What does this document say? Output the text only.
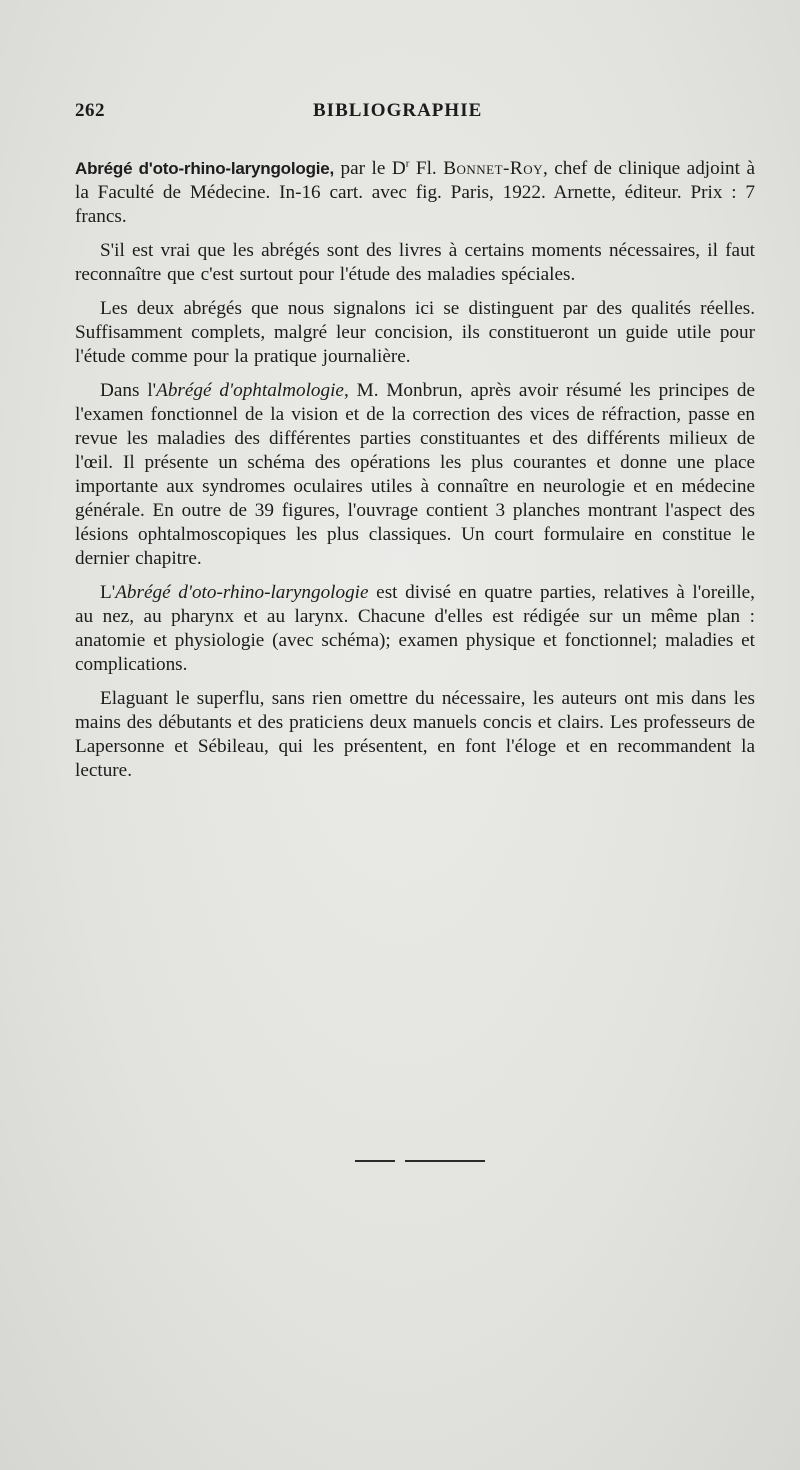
262	BIBLIOGRAPHIE

Abrégé d'oto-rhino-laryngologie, par le $D^r$ Fl. Bonnet-Roy, chef de clinique adjoint à la Faculté de Médecine. In-16 cart. avec fig. Paris, 1922. Arnette, éditeur. Prix : 7 francs.

S'il est vrai que les abrégés sont des livres à certains moments nécessaires, il faut reconnaître que c'est surtout pour l'étude des maladies spéciales.

Les deux abrégés que nous signalons ici se distinguent par des qualités réelles. Suffisamment complets, malgré leur concision, ils constitueront un guide utile pour l'étude comme pour la pratique journalière.

Dans l'Abrégé d'ophtalmologie, M. Monbrun, après avoir résumé les principes de l'examen fonctionnel de la vision et de la correction des vices de réfraction, passe en revue les maladies des différentes parties constituantes et des différents milieux de l'œil. Il présente un schéma des opérations les plus courantes et donne une place importante aux syndromes oculaires utiles à connaître en neurologie et en médecine générale. En outre de 39 figures, l'ouvrage contient 3 planches montrant l'aspect des lésions ophtalmoscopiques les plus classiques. Un court formulaire en constitue le dernier chapitre.

L'Abrégé d'oto-rhino-laryngologie est divisé en quatre parties, relatives à l'oreille, au nez, au pharynx et au larynx. Chacune d'elles est rédigée sur un même plan : anatomie et physiologie (avec schéma); examen physique et fonctionnel; maladies et complications.

Elaguant le superflu, sans rien omettre du nécessaire, les auteurs ont mis dans les mains des débutants et des praticiens deux manuels concis et clairs. Les professeurs de Lapersonne et Sébileau, qui les présentent, en font l'éloge et en recommandent la lecture.
